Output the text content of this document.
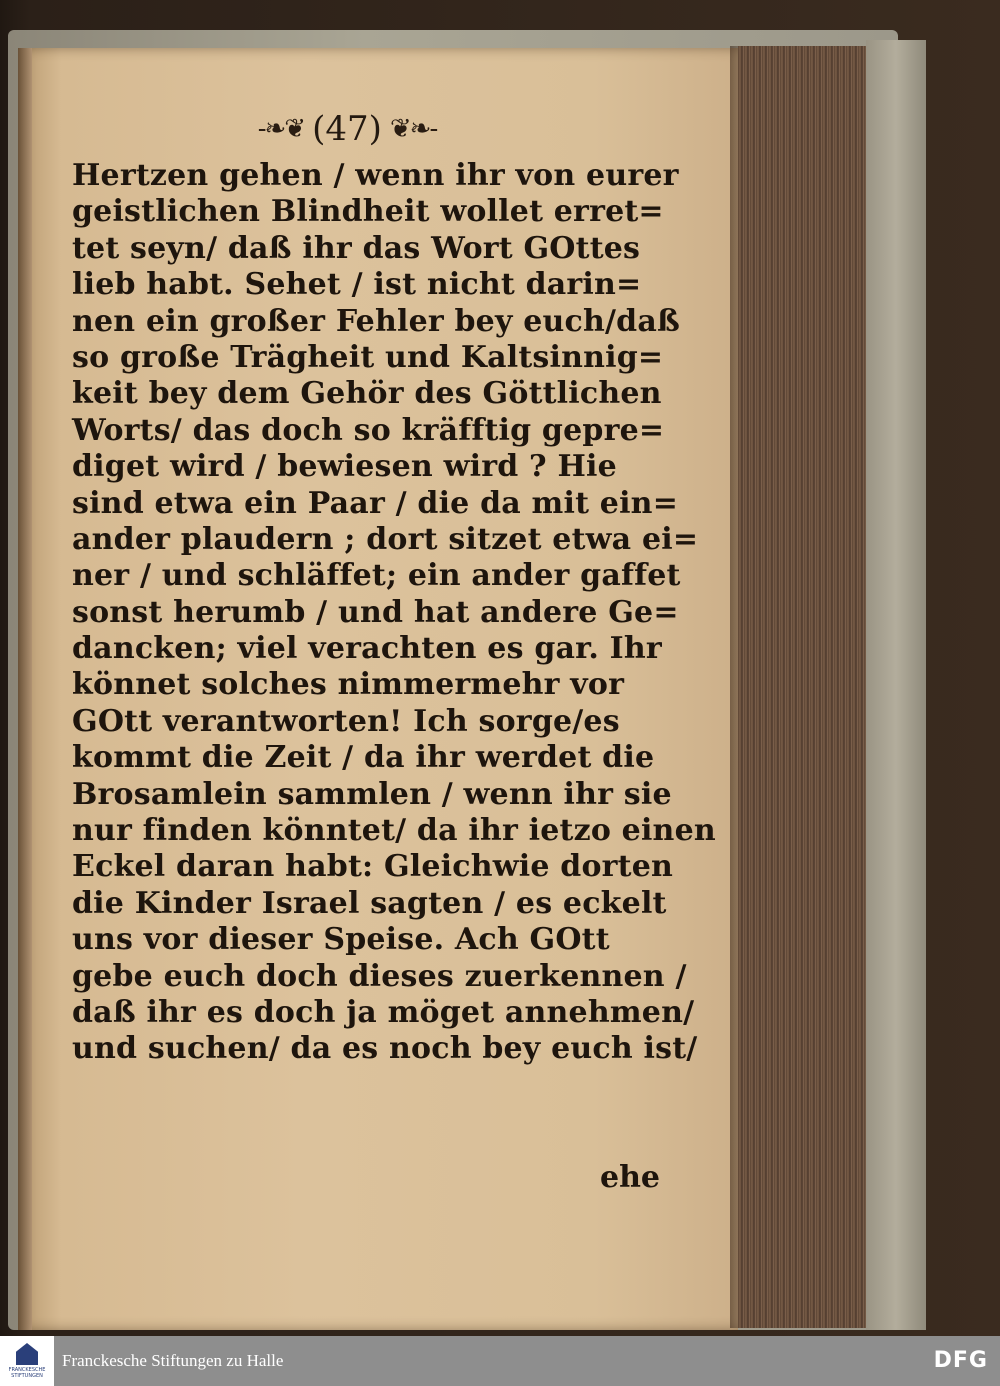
-❧❦ (47) ❦❧-
Hertzen gehen / wenn ihr von eurer
geistlichen Blindheit wollet erret=
tet seyn/ daß ihr das Wort GOttes
lieb habt. Sehet / ist nicht darin=
nen ein großer Fehler bey euch/daß
so große Trägheit und Kaltsinnig=
keit bey dem Gehör des Göttlichen
Worts/ das doch so kräfftig gepre=
diget wird / bewiesen wird ? Hie
sind etwa ein Paar / die da mit ein=
ander plaudern ; dort sitzet etwa ei=
ner / und schläffet; ein ander gaffet
sonst herumb / und hat andere Ge=
dancken; viel verachten es gar. Ihr
könnet solches nimmermehr vor
GOtt verantworten! Ich sorge/es
kommt die Zeit / da ihr werdet die
Brosamlein sammlen / wenn ihr sie
nur finden könntet/ da ihr ietzo einen
Eckel daran habt: Gleichwie dorten
die Kinder Israel sagten / es eckelt
uns vor dieser Speise. Ach GOtt
gebe euch doch dieses zuerkennen /
daß ihr es doch ja möget annehmen/
und suchen/ da es noch bey euch ist/
ehe
FRANCKESCHE STIFTUNGEN
Franckesche Stiftungen zu Halle	DFG
